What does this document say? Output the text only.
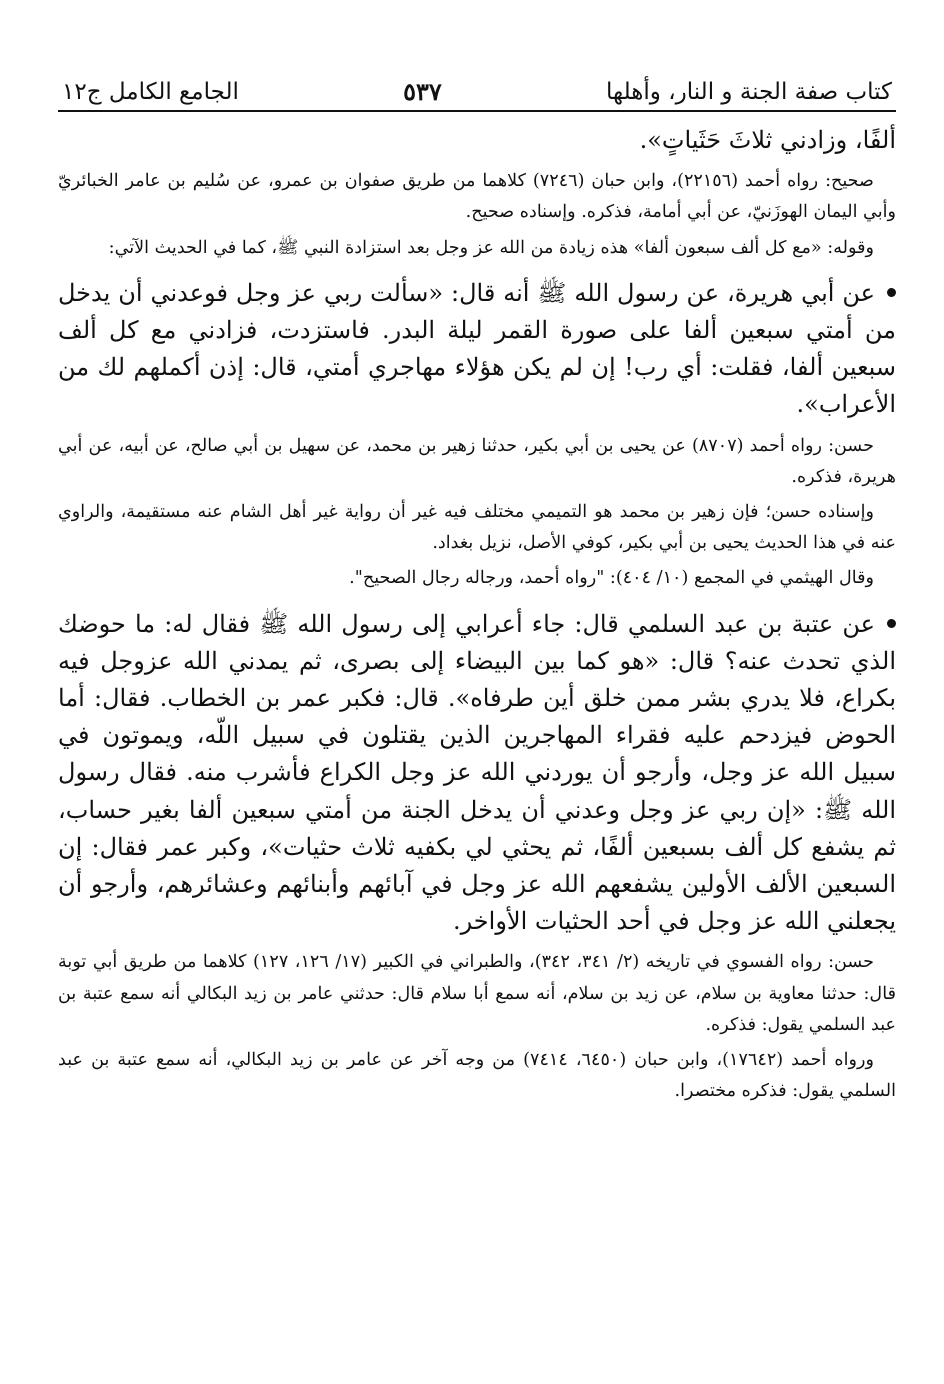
كتاب صفة الجنة و النار، وأهلها
٥٣٧
الجامع الكامل ج١٢

ألفًا، وزادني ثلاثَ حَثَياتٍ».

صحيح: رواه أحمد (٢٢١٥٦)، وابن حبان (٧٢٤٦) كلاهما من طريق صفوان بن عمرو، عن سُليم بن عامر الخبائريّ وأبي اليمان الهوزَنيّ، عن أبي أمامة، فذكره. وإسناده صحيح.

وقوله: «مع كل ألف سبعون ألفا» هذه زيادة من الله عز وجل بعد استزادة النبي ﷺ، كما في الحديث الآتي:

عن أبي هريرة، عن رسول الله ﷺ أنه قال: «سألت ربي عز وجل فوعدني أن يدخل من أمتي سبعين ألفا على صورة القمر ليلة البدر. فاستزدت، فزادني مع كل ألف سبعين ألفا، فقلت: أي رب! إن لم يكن هؤلاء مهاجري أمتي، قال: إذن أكملهم لك من الأعراب».

حسن: رواه أحمد (٨٧٠٧) عن يحيى بن أبي بكير، حدثنا زهير بن محمد، عن سهيل بن أبي صالح، عن أبيه، عن أبي هريرة، فذكره.

وإسناده حسن؛ فإن زهير بن محمد هو التميمي مختلف فيه غير أن رواية غير أهل الشام عنه مستقيمة، والراوي عنه في هذا الحديث يحيى بن أبي بكير، كوفي الأصل، نزيل بغداد.

وقال الهيثمي في المجمع (١٠/ ٤٠٤): "رواه أحمد، ورجاله رجال الصحيح".

عن عتبة بن عبد السلمي قال: جاء أعرابي إلى رسول الله ﷺ فقال له: ما حوضك الذي تحدث عنه؟ قال: «هو كما بين البيضاء إلى بصرى، ثم يمدني الله عزوجل فيه بكراع، فلا يدري بشر ممن خلق أين طرفاه». قال: فكبر عمر بن الخطاب. فقال: أما الحوض فيزدحم عليه فقراء المهاجرين الذين يقتلون في سبيل اللّه، ويموتون في سبيل الله عز وجل، وأرجو أن يوردني الله عز وجل الكراع فأشرب منه. فقال رسول الله ﷺ: «إن ربي عز وجل وعدني أن يدخل الجنة من أمتي سبعين ألفا بغير حساب، ثم يشفع كل ألف بسبعين ألفًا، ثم يحثي لي بكفيه ثلاث حثيات»، وكبر عمر فقال: إن السبعين الألف الأولين يشفعهم الله عز وجل في آبائهم وأبنائهم وعشائرهم، وأرجو أن يجعلني الله عز وجل في أحد الحثيات الأواخر.

حسن: رواه الفسوي في تاريخه (٢/ ٣٤١، ٣٤٢)، والطبراني في الكبير (١٧/ ١٢٦، ١٢٧) كلاهما من طريق أبي توبة قال: حدثنا معاوية بن سلام، عن زيد بن سلام، أنه سمع أبا سلام قال: حدثني عامر بن زيد البكالي أنه سمع عتبة بن عبد السلمي يقول: فذكره.

ورواه أحمد (١٧٦٤٢)، وابن حبان (٦٤٥٠، ٧٤١٤) من وجه آخر عن عامر بن زيد البكالي، أنه سمع عتبة بن عبد السلمي يقول: فذكره مختصرا.
